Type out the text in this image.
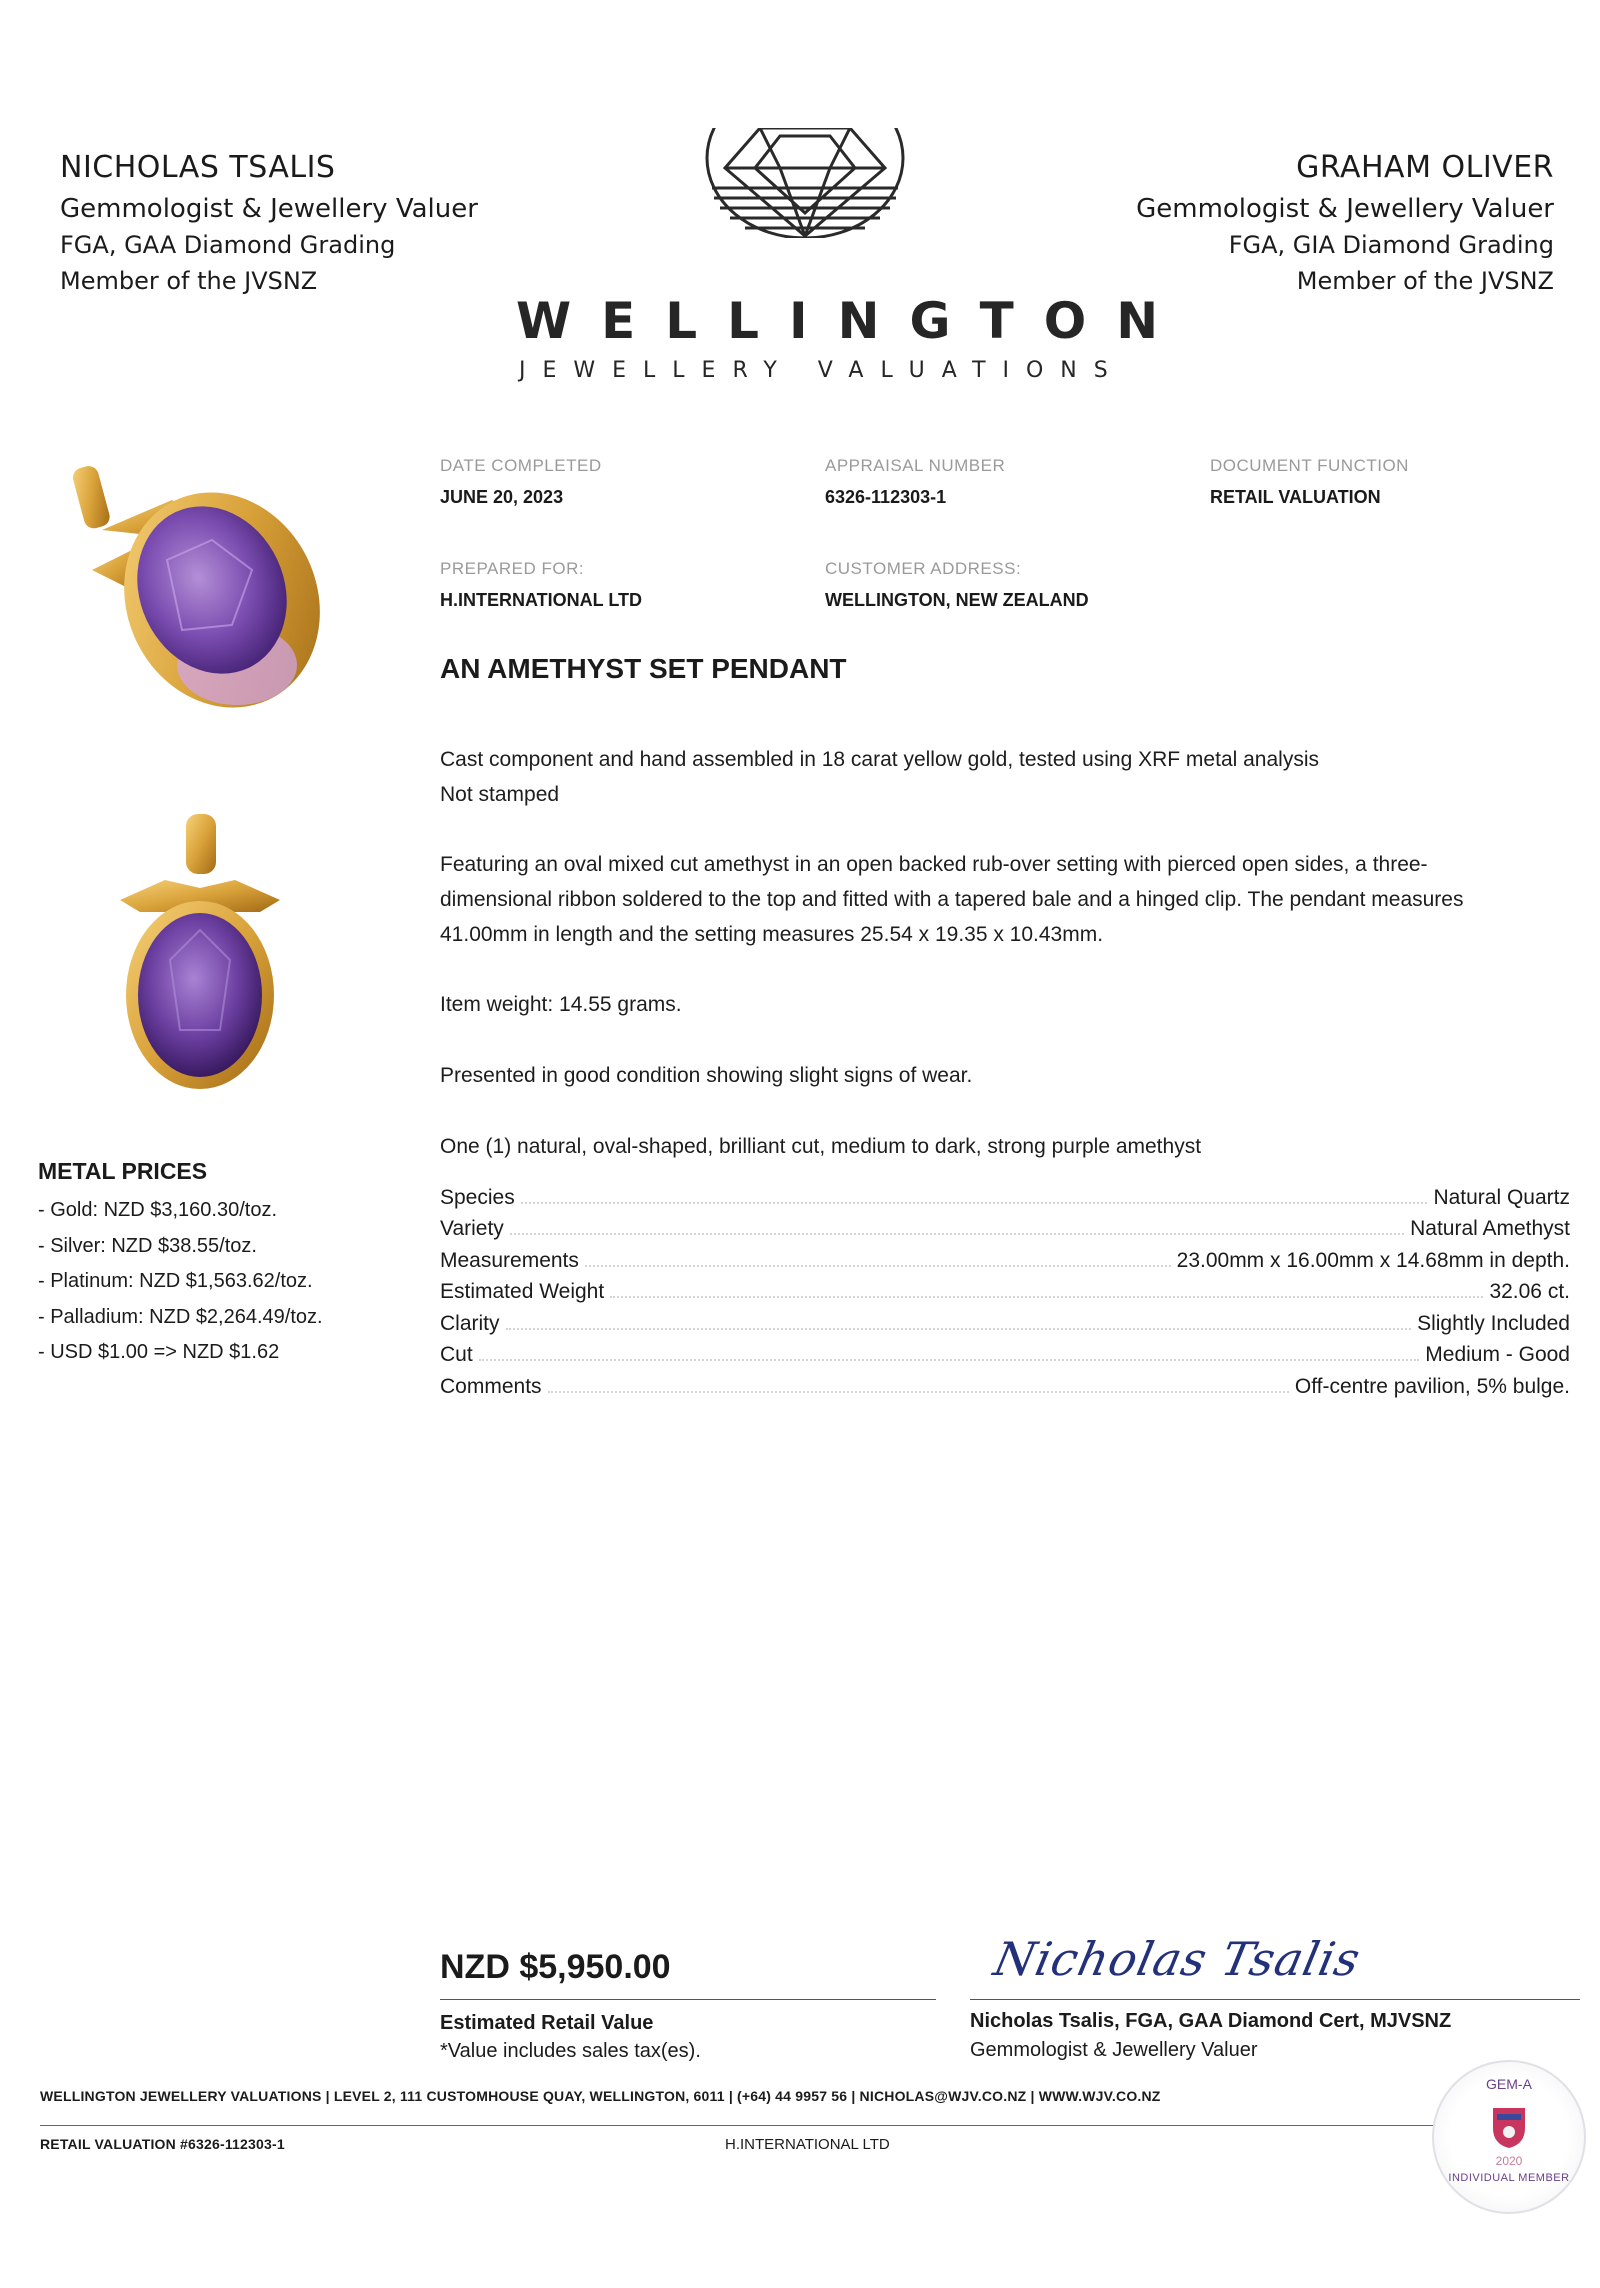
NICHOLAS TSALIS
Gemmologist & Jewellery Valuer
FGA, GAA Diamond Grading
Member of the JVSNZ
GRAHAM OLIVER
Gemmologist & Jewellery Valuer
FGA, GIA Diamond Grading
Member of the JVSNZ
WELLINGTON
JEWELLERY VALUATIONS
DATE COMPLETED
JUNE 20, 2023
APPRAISAL NUMBER
6326-112303-1
DOCUMENT FUNCTION
RETAIL VALUATION
PREPARED FOR:
H.INTERNATIONAL LTD
CUSTOMER ADDRESS:
WELLINGTON, NEW ZEALAND
AN AMETHYST SET PENDANT
Cast component and hand assembled in 18 carat yellow gold, tested using XRF metal analysis
Not stamped
Featuring an oval mixed cut amethyst in an open backed rub-over setting with pierced open sides, a three-
dimensional ribbon soldered to the top and fitted with a tapered bale and a hinged clip. The pendant measures
41.00mm in length and the setting measures 25.54 x 19.35 x 10.43mm.
Item weight: 14.55 grams.
Presented in good condition showing slight signs of wear.
One (1) natural, oval-shaped, brilliant cut, medium to dark, strong purple amethyst
Species	Natural Quartz
Variety	Natural Amethyst
Measurements	23.00mm x 16.00mm x 14.68mm in depth.
Estimated Weight	32.06 ct.
Clarity	Slightly Included
Cut	Medium - Good
Comments	Off-centre pavilion, 5% bulge.
METAL PRICES
- Gold: NZD $3,160.30/toz.
- Silver: NZD $38.55/toz.
- Platinum: NZD $1,563.62/toz.
- Palladium: NZD $2,264.49/toz.
- USD $1.00 => NZD $1.62
NZD $5,950.00
Estimated Retail Value
*Value includes sales tax(es).
Nicholas Tsalis
Nicholas Tsalis, FGA, GAA Diamond Cert, MJVSNZ
Gemmologist & Jewellery Valuer
WELLINGTON JEWELLERY VALUATIONS | LEVEL 2, 111 CUSTOMHOUSE QUAY, WELLINGTON, 6011 | (+64) 44 9957 56 | NICHOLAS@WJV.CO.NZ | WWW.WJV.CO.NZ
RETAIL VALUATION #6326-112303-1	H.INTERNATIONAL LTD
GEM-A
2020
INDIVIDUAL MEMBER
